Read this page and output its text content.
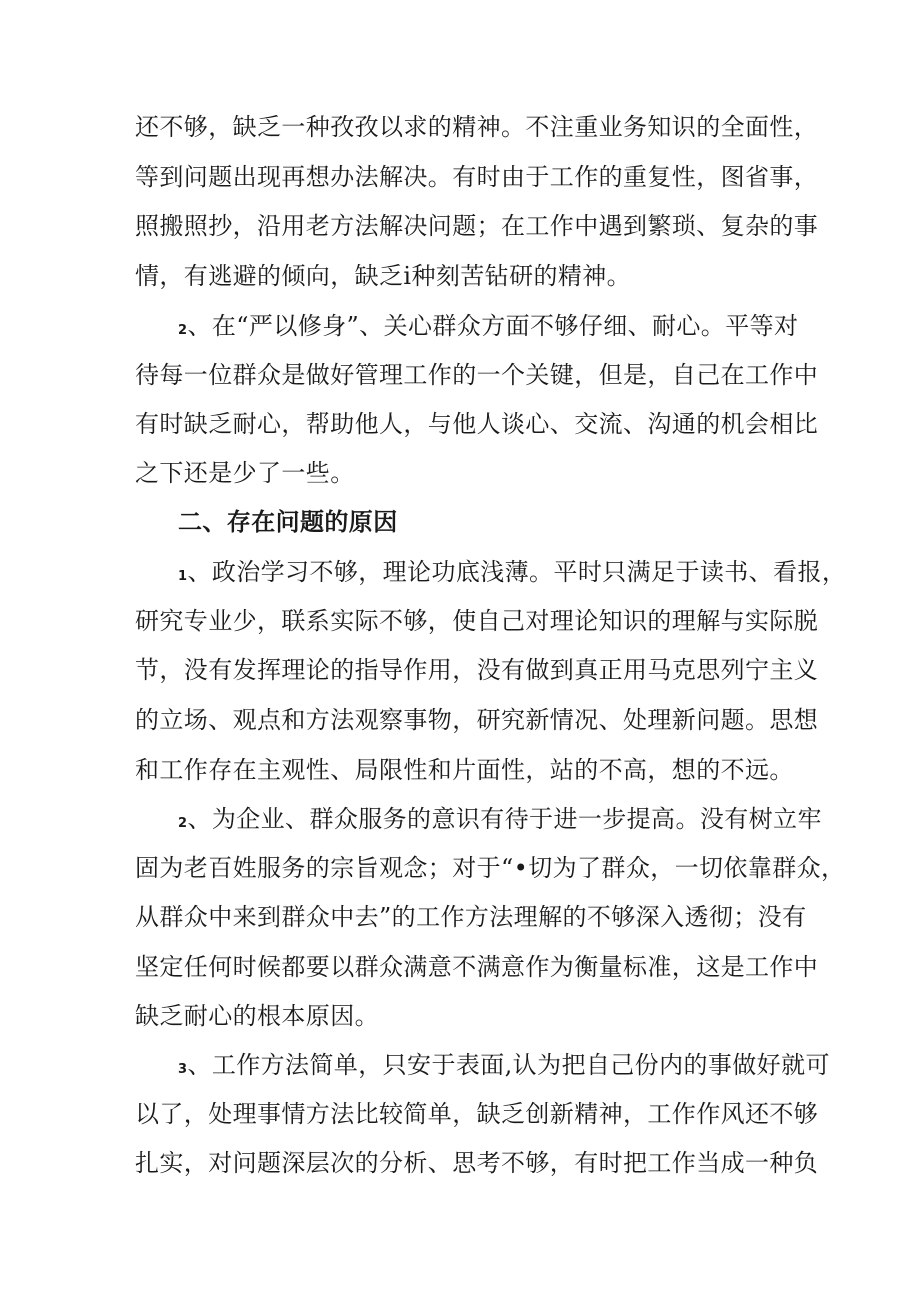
还不够，缺乏一种孜孜以求的精神。不注重业务知识的全面性，
等到问题出现再想办法解决。有时由于工作的重复性，图省事，
照搬照抄，沿用老方法解决问题；在工作中遇到繁琐、复杂的事
情，有逃避的倾向，缺乏i种刻苦钻研的精神。
2、在“严以修身”、关心群众方面不够仔细、耐心。平等对
待每一位群众是做好管理工作的一个关键，但是，自己在工作中
有时缺乏耐心，帮助他人，与他人谈心、交流、沟通的机会相比
之下还是少了一些。
二、存在问题的原因
1、政治学习不够，理论功底浅薄。平时只满足于读书、看报，
研究专业少，联系实际不够，使自己对理论知识的理解与实际脱
节，没有发挥理论的指导作用，没有做到真正用马克思列宁主义
的立场、观点和方法观察事物，研究新情况、处理新问题。思想
和工作存在主观性、局限性和片面性，站的不高，想的不远。
2、为企业、群众服务的意识有待于进一步提高。没有树立牢
固为老百姓服务的宗旨观念；对于“•切为了群众，一切依靠群众，
从群众中来到群众中去”的工作方法理解的不够深入透彻；没有
坚定任何时候都要以群众满意不满意作为衡量标准，这是工作中
缺乏耐心的根本原因。
3、工作方法简单，只安于表面,认为把自己份内的事做好就可
以了，处理事情方法比较简单，缺乏创新精神，工作作风还不够
扎实，对问题深层次的分析、思考不够，有时把工作当成一种负
